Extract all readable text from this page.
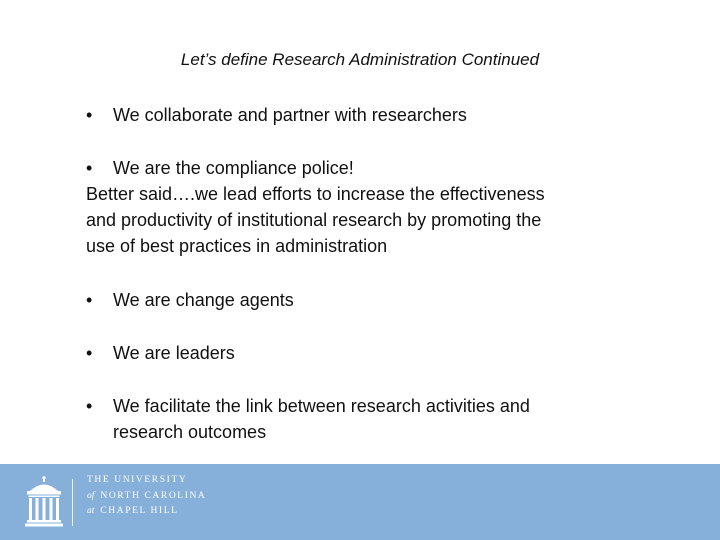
Let’s define Research Administration Continued
• We collaborate and partner with researchers
• We are the compliance police!
Better said….we lead efforts to increase the effectiveness
and productivity of institutional research by promoting the
use of best practices in administration
• We are change agents
• We are leaders
• We facilitate the link between research activities and
research outcomes
THE UNIVERSITY
of NORTH CAROLINA
at CHAPEL HILL
